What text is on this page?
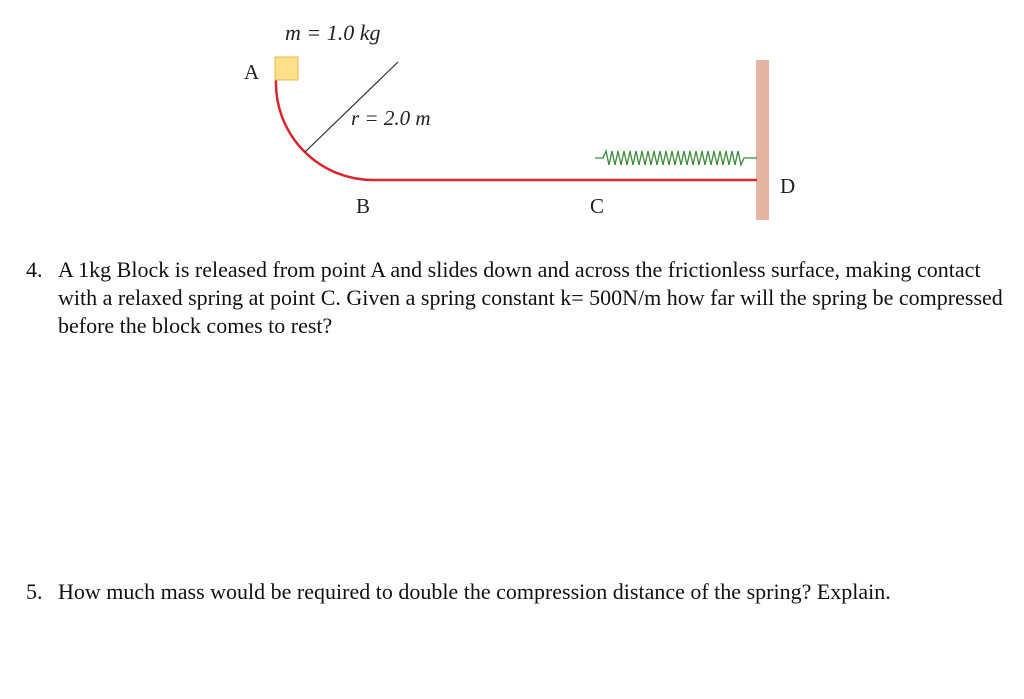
m = 1.0 kg
A
r = 2.0 m
B	C
D
4. A 1kg Block is released from point A and slides down and across the frictionless surface, making contact with a relaxed spring at point C. Given a spring constant k= 500N/m how far will the spring be compressed before the block comes to rest?
5. How much mass would be required to double the compression distance of the spring? Explain.
